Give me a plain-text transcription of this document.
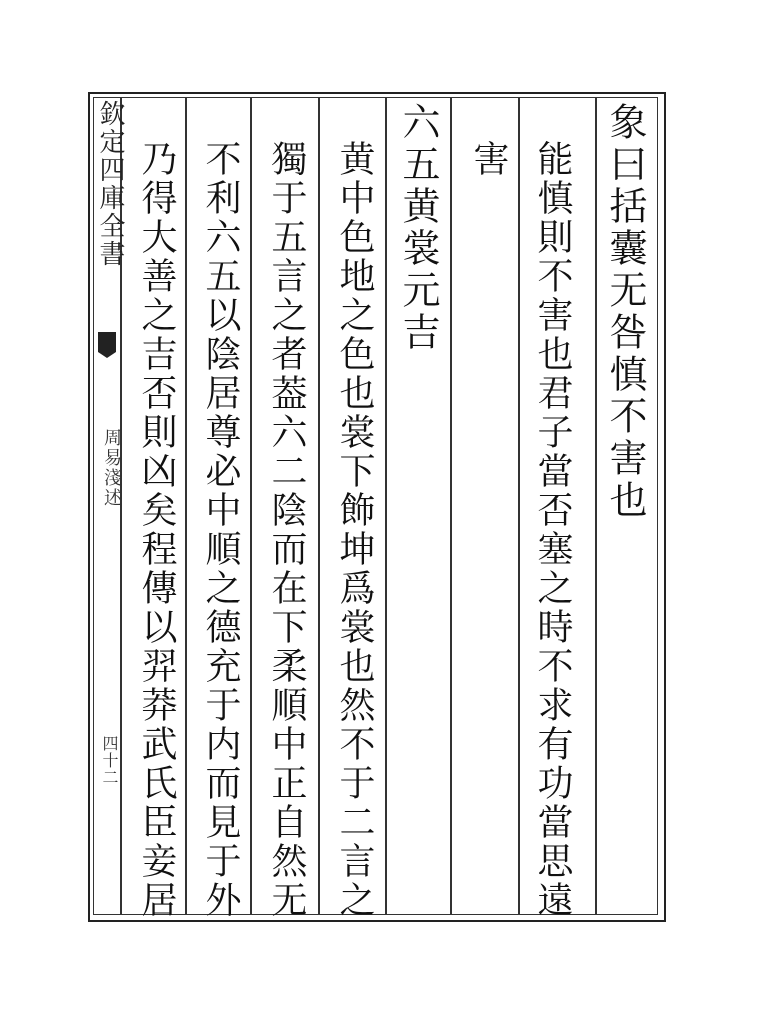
欽定四庫全書
周易淺述
四十二
象曰括囊无咎慎不害也
能慎則不害也君子當否塞之時不求有功當思遠
害
六五黄裳元吉
黄中色地之色也裳下飾坤爲裳也然不于二言之
獨于五言之者葢六二陰而在下柔順中正自然无
不利六五以陰居尊必中順之德充于内而見于外
乃得大善之吉否則凶矣程傳以羿莽武氏臣妾居
